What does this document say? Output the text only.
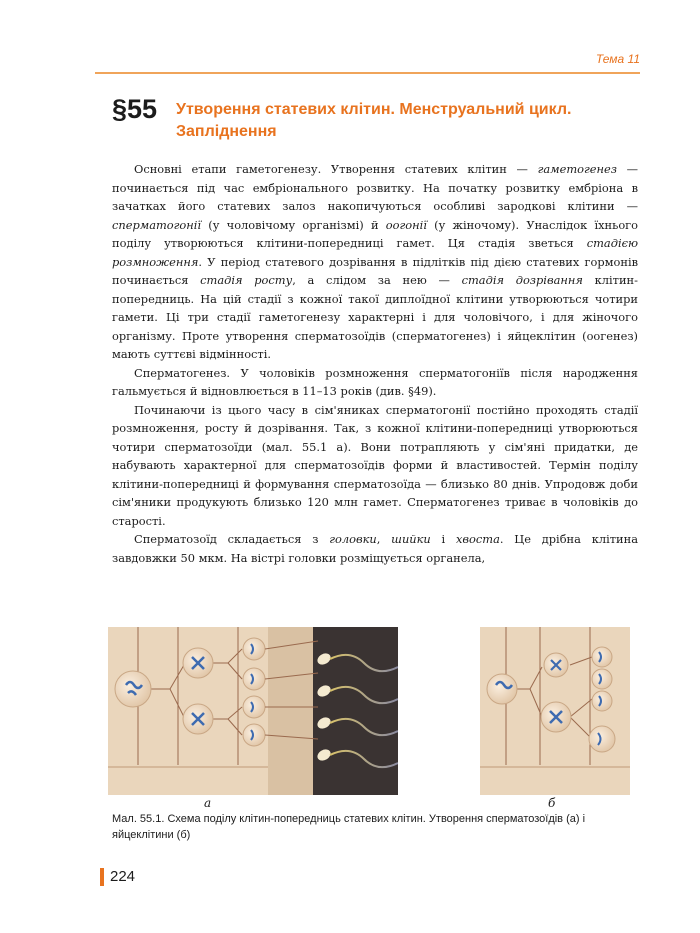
Тема 11
§55 Утворення статевих клітин. Менструальний цикл.
Запліднення

Основні етапи гаметогенезу. Утворення статевих клітин — гаметогенез — починається під час ембріонального розвитку. На початку розвитку ембріона в зачатках його статевих залоз накопичуються особливі зародкові клітини — сперматогонії (у чоловічому організмі) й оогонії (у жіночому). Унаслідок їхнього поділу утворюються клітини-попередниці гамет. Ця стадія зветься стадією розмноження. У період статевого дозрівання в підлітків під дією статевих гормонів починається стадія росту, а слідом за нею — стадія дозрівання клітин-попередниць. На цій стадії з кожної такої диплоїдної клітини утворюються чотири гамети. Ці три стадії гаметогенезу характерні і для чоловічого, і для жіночого організму. Проте утворення сперматозоїдів (сперматогенез) і яйцеклітин (оогенез) мають суттєві відмінності.

Сперматогенез. У чоловіків розмноження сперматогоніїв після народження гальмується й відновлюється в 11–13 років (див. §49).

Починаючи із цього часу в сім'яниках сперматогонії постійно проходять стадії розмноження, росту й дозрівання. Так, з кожної клітини-попередниці утворюються чотири сперматозоїди (мал. 55.1 а). Вони потрапляють у сім'яні придатки, де набувають характерної для сперматозоїдів форми й властивостей. Термін поділу клітини-попередниці й формування сперматозоїда — близько 80 днів. Упродовж доби сім'яники продукують близько 120 млн гамет. Сперматогенез триває в чоловіків до старості.

Сперматозоїд складається з головки, шийки і хвоста. Це дрібна клітина завдовжки 50 мкм. На вістрі головки розміщується органела,

а	б
Мал. 55.1. Схема поділу клітин-попередниць статевих клітин. Утворення сперматозоїдів (а) і яйцеклітини (б)
224
